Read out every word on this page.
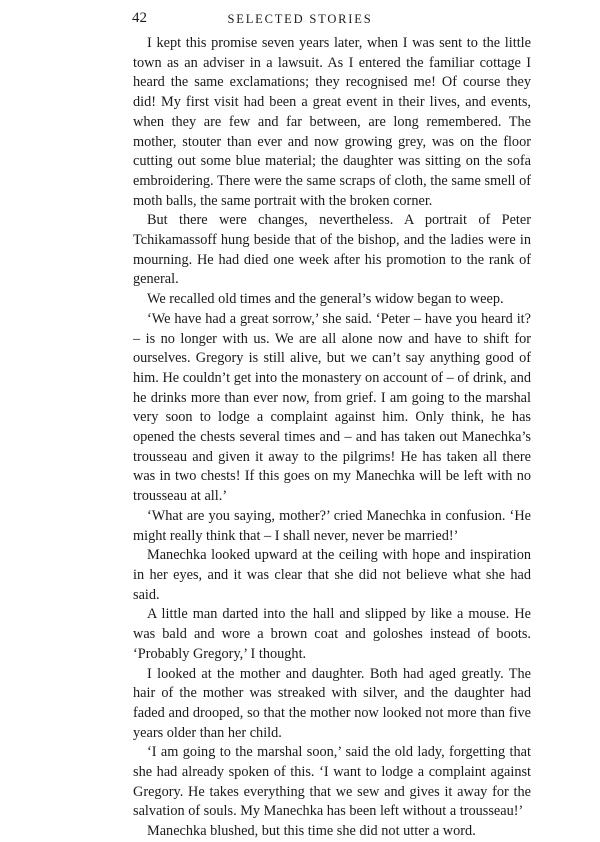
42	SELECTED STORIES

I kept this promise seven years later, when I was sent to the little town as an adviser in a lawsuit. As I entered the familiar cottage I heard the same exclamations; they recognised me! Of course they did! My first visit had been a great event in their lives, and events, when they are few and far between, are long remembered. The mother, stouter than ever and now growing grey, was on the floor cutting out some blue material; the daughter was sitting on the sofa embroidering. There were the same scraps of cloth, the same smell of moth balls, the same portrait with the broken corner.

But there were changes, nevertheless. A portrait of Peter Tchikamassoff hung beside that of the bishop, and the ladies were in mourning. He had died one week after his promotion to the rank of general.

We recalled old times and the general’s widow began to weep.

‘We have had a great sorrow,’ she said. ‘Peter – have you heard it? – is no longer with us. We are all alone now and have to shift for ourselves. Gregory is still alive, but we can’t say anything good of him. He couldn’t get into the monastery on account of – of drink, and he drinks more than ever now, from grief. I am going to the marshal very soon to lodge a complaint against him. Only think, he has opened the chests several times and – and has taken out Manechka’s trousseau and given it away to the pilgrims! He has taken all there was in two chests! If this goes on my Manechka will be left with no trousseau at all.’

‘What are you saying, mother?’ cried Manechka in confusion. ‘He might really think that – I shall never, never be married!’

Manechka looked upward at the ceiling with hope and inspiration in her eyes, and it was clear that she did not believe what she had said.

A little man darted into the hall and slipped by like a mouse. He was bald and wore a brown coat and goloshes instead of boots. ‘Probably Gregory,’ I thought.

I looked at the mother and daughter. Both had aged greatly. The hair of the mother was streaked with silver, and the daughter had faded and drooped, so that the mother now looked not more than five years older than her child.

‘I am going to the marshal soon,’ said the old lady, forgetting that she had already spoken of this. ‘I want to lodge a complaint against Gregory. He takes everything that we sew and gives it away for the salvation of souls. My Manechka has been left without a trousseau!’

Manechka blushed, but this time she did not utter a word.
